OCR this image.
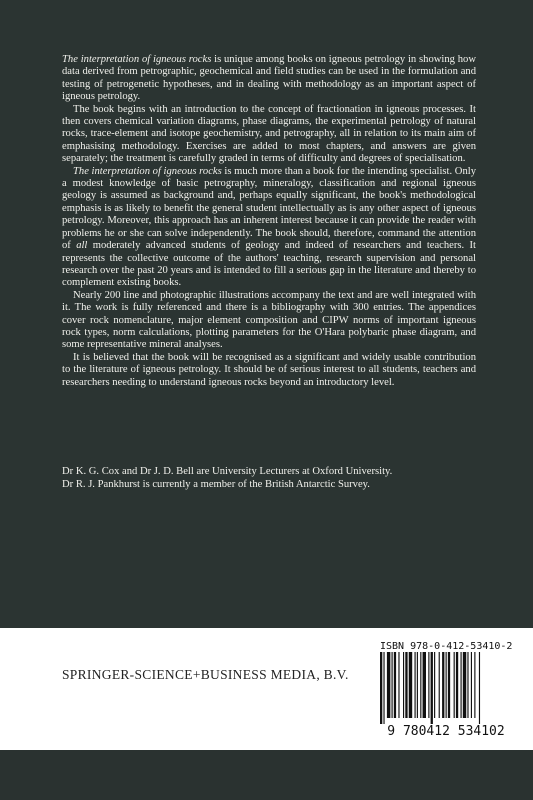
The interpretation of igneous rocks is unique among books on igneous petrology in showing how data derived from petrographic, geochemical and field studies can be used in the formulation and testing of petrogenetic hypotheses, and in dealing with methodology as an important aspect of igneous petrology.

The book begins with an introduction to the concept of fractionation in igneous processes. It then covers chemical variation diagrams, phase diagrams, the experimental petrology of natural rocks, trace-element and isotope geochemistry, and petrography, all in relation to its main aim of emphasising methodology. Exercises are added to most chapters, and answers are given separately; the treatment is carefully graded in terms of difficulty and degrees of specialisation.

The interpretation of igneous rocks is much more than a book for the intending specialist. Only a modest knowledge of basic petrography, mineralogy, classification and regional igneous geology is assumed as background and, perhaps equally significant, the book's methodological emphasis is as likely to benefit the general student intellectually as is any other aspect of igneous petrology. Moreover, this approach has an inherent interest because it can provide the reader with problems he or she can solve independently. The book should, therefore, command the attention of all moderately advanced students of geology and indeed of researchers and teachers. It represents the collective outcome of the authors' teaching, research supervision and personal research over the past 20 years and is intended to fill a serious gap in the literature and thereby to complement existing books.

Nearly 200 line and photographic illustrations accompany the text and are well integrated with it. The work is fully referenced and there is a bibliography with 300 entries. The appendices cover rock nomenclature, major element composition and CIPW norms of important igneous rock types, norm calculations, plotting parameters for the O'Hara polybaric phase diagram, and some representative mineral analyses.

It is believed that the book will be recognised as a significant and widely usable contribution to the literature of igneous petrology. It should be of serious interest to all students, teachers and researchers needing to understand igneous rocks beyond an introductory level.

Dr K. G. Cox and Dr J. D. Bell are University Lecturers at Oxford University.

Dr R. J. Pankhurst is currently a member of the British Antarctic Survey.

SPRINGER-SCIENCE+BUSINESS MEDIA, B.V.
ISBN 978-0-412-53410-2
9 780412 534102
